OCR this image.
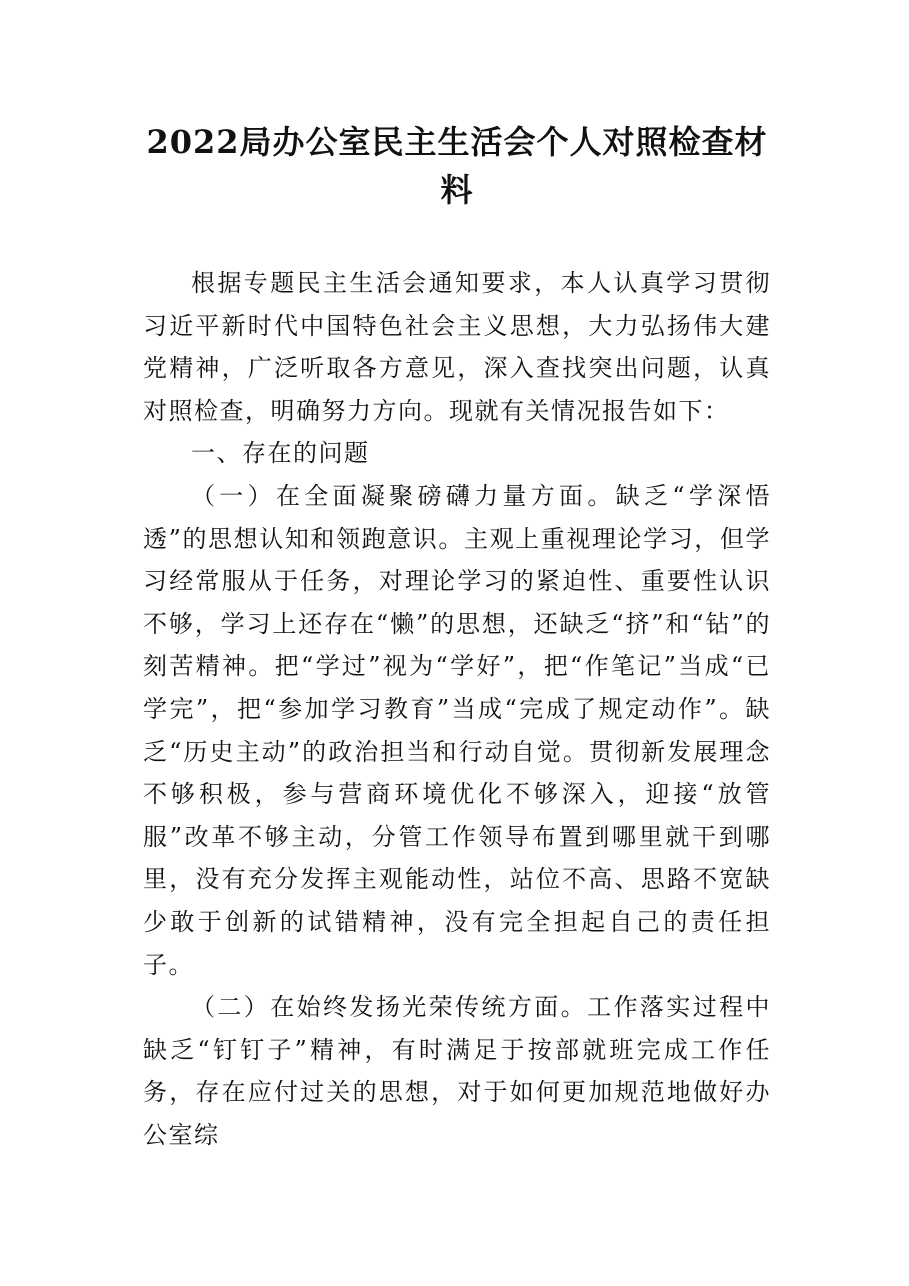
2022局办公室民主生活会个人对照检查材料

根据专题民主生活会通知要求，本人认真学习贯彻习近平新时代中国特色社会主义思想，大力弘扬伟大建党精神，广泛听取各方意见，深入查找突出问题，认真对照检查，明确努力方向。现就有关情况报告如下：

一、存在的问题

（一）在全面凝聚磅礴力量方面。缺乏“学深悟透”的思想认知和领跑意识。主观上重视理论学习，但学习经常服从于任务，对理论学习的紧迫性、重要性认识不够，学习上还存在“懒”的思想，还缺乏“挤”和“钻”的刻苦精神。把“学过”视为“学好”，把“作笔记”当成“已学完”，把“参加学习教育”当成“完成了规定动作”。缺乏“历史主动”的政治担当和行动自觉。贯彻新发展理念不够积极，参与营商环境优化不够深入，迎接“放管服”改革不够主动，分管工作领导布置到哪里就干到哪里，没有充分发挥主观能动性，站位不高、思路不宽缺少敢于创新的试错精神，没有完全担起自己的责任担子。

（二）在始终发扬光荣传统方面。工作落实过程中缺乏“钉钉子”精神，有时满足于按部就班完成工作任务，存在应付过关的思想，对于如何更加规范地做好办公室综
